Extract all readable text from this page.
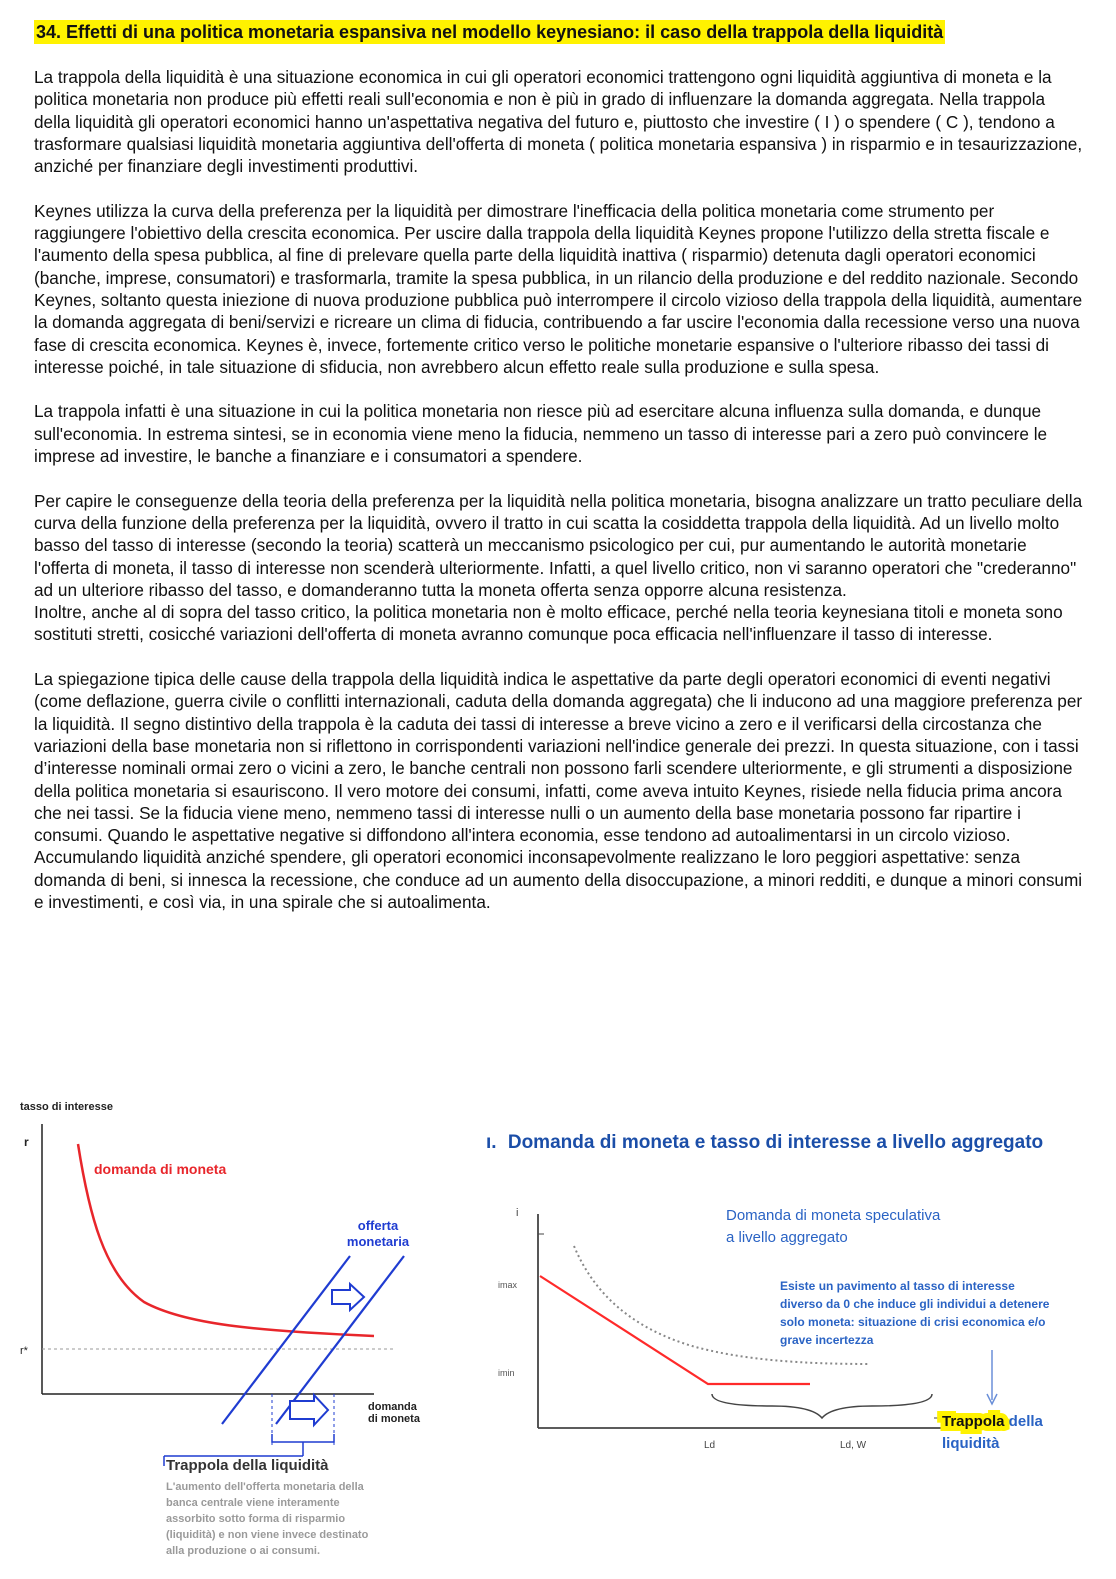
34. Effetti di una politica monetaria espansiva nel modello keynesiano: il caso della trappola della liquidità

La trappola della liquidità è una situazione economica in cui gli operatori economici trattengono ogni liquidità aggiuntiva di moneta e la politica monetaria non produce più effetti reali sull'economia e non è più in grado di influenzare la domanda aggregata. Nella trappola della liquidità gli operatori economici hanno un'aspettativa negativa del futuro e, piuttosto che investire ( I ) o spendere ( C ), tendono a trasformare qualsiasi liquidità monetaria aggiuntiva dell'offerta di moneta ( politica monetaria espansiva ) in risparmio e in tesaurizzazione, anziché per finanziare degli investimenti produttivi.

Keynes utilizza la curva della preferenza per la liquidità per dimostrare l'inefficacia della politica monetaria come strumento per raggiungere l'obiettivo della crescita economica. Per uscire dalla trappola della liquidità Keynes propone l'utilizzo della stretta fiscale e l'aumento della spesa pubblica, al fine di prelevare quella parte della liquidità inattiva ( risparmio) detenuta dagli operatori economici (banche, imprese, consumatori) e trasformarla, tramite la spesa pubblica, in un rilancio della produzione e del reddito nazionale. Secondo Keynes, soltanto questa iniezione di nuova produzione pubblica può interrompere il circolo vizioso della trappola della liquidità, aumentare la domanda aggregata di beni/servizi e ricreare un clima di fiducia, contribuendo a far uscire l'economia dalla recessione verso una nuova fase di crescita economica. Keynes è, invece, fortemente critico verso le politiche monetarie espansive o l'ulteriore ribasso dei tassi di interesse poiché, in tale situazione di sfiducia, non avrebbero alcun effetto reale sulla produzione e sulla spesa.

La trappola infatti è una situazione in cui la politica monetaria non riesce più ad esercitare alcuna influenza sulla domanda, e dunque sull'economia. In estrema sintesi, se in economia viene meno la fiducia, nemmeno un tasso di interesse pari a zero può convincere le imprese ad investire, le banche a finanziare e i consumatori a spendere.

Per capire le conseguenze della teoria della preferenza per la liquidità nella politica monetaria, bisogna analizzare un tratto peculiare della curva della funzione della preferenza per la liquidità, ovvero il tratto in cui scatta la cosiddetta trappola della liquidità. Ad un livello molto basso del tasso di interesse (secondo la teoria) scatterà un meccanismo psicologico per cui, pur aumentando le autorità monetarie l'offerta di moneta, il tasso di interesse non scenderà ulteriormente. Infatti, a quel livello critico, non vi saranno operatori che "crederanno" ad un ulteriore ribasso del tasso, e domanderanno tutta la moneta offerta senza opporre alcuna resistenza.

Inoltre, anche al di sopra del tasso critico, la politica monetaria non è molto efficace, perché nella teoria keynesiana titoli e moneta sono sostituti stretti, cosicché variazioni dell'offerta di moneta avranno comunque poca efficacia nell'influenzare il tasso di interesse.

La spiegazione tipica delle cause della trappola della liquidità indica le aspettative da parte degli operatori economici di eventi negativi (come deflazione, guerra civile o conflitti internazionali, caduta della domanda aggregata) che li inducono ad una maggiore preferenza per la liquidità. Il segno distintivo della trappola è la caduta dei tassi di interesse a breve vicino a zero e il verificarsi della circostanza che variazioni della base monetaria non si riflettono in corrispondenti variazioni nell'indice generale dei prezzi. In questa situazione, con i tassi d’interesse nominali ormai zero o vicini a zero, le banche centrali non possono farli scendere ulteriormente, e gli strumenti a disposizione della politica monetaria si esauriscono. Il vero motore dei consumi, infatti, come aveva intuito Keynes, risiede nella fiducia prima ancora che nei tassi. Se la fiducia viene meno, nemmeno tassi di interesse nulli o un aumento della base monetaria possono far ripartire i consumi. Quando le aspettative negative si diffondono all'intera economia, esse tendono ad autoalimentarsi in un circolo vizioso.

Accumulando liquidità anziché spendere, gli operatori economici inconsapevolmente realizzano le loro peggiori aspettative: senza domanda di beni, si innesca la recessione, che conduce ad un aumento della disoccupazione, a minori redditi, e dunque a minori consumi e investimenti, e così via, in una spirale che si autoalimenta.

tasso di interesse
r
r*
domanda di moneta
offerta
monetaria
domanda
di moneta
Trappola della liquidità
L'aumento dell'offerta monetaria della
banca centrale viene interamente
assorbito sotto forma di risparmio
(liquidità) e non viene invece destinato
alla produzione o ai consumi.
ı. Domanda di moneta e tasso di interesse a livello aggregato
i
imax
imin
Domanda di moneta speculativa
a livello aggregato
Esiste un pavimento al tasso di interesse
diverso da 0 che induce gli individui a detenere
solo moneta: situazione di crisi economica e/o
grave incertezza
Ld	Ld, W
Trappola della
liquidità
